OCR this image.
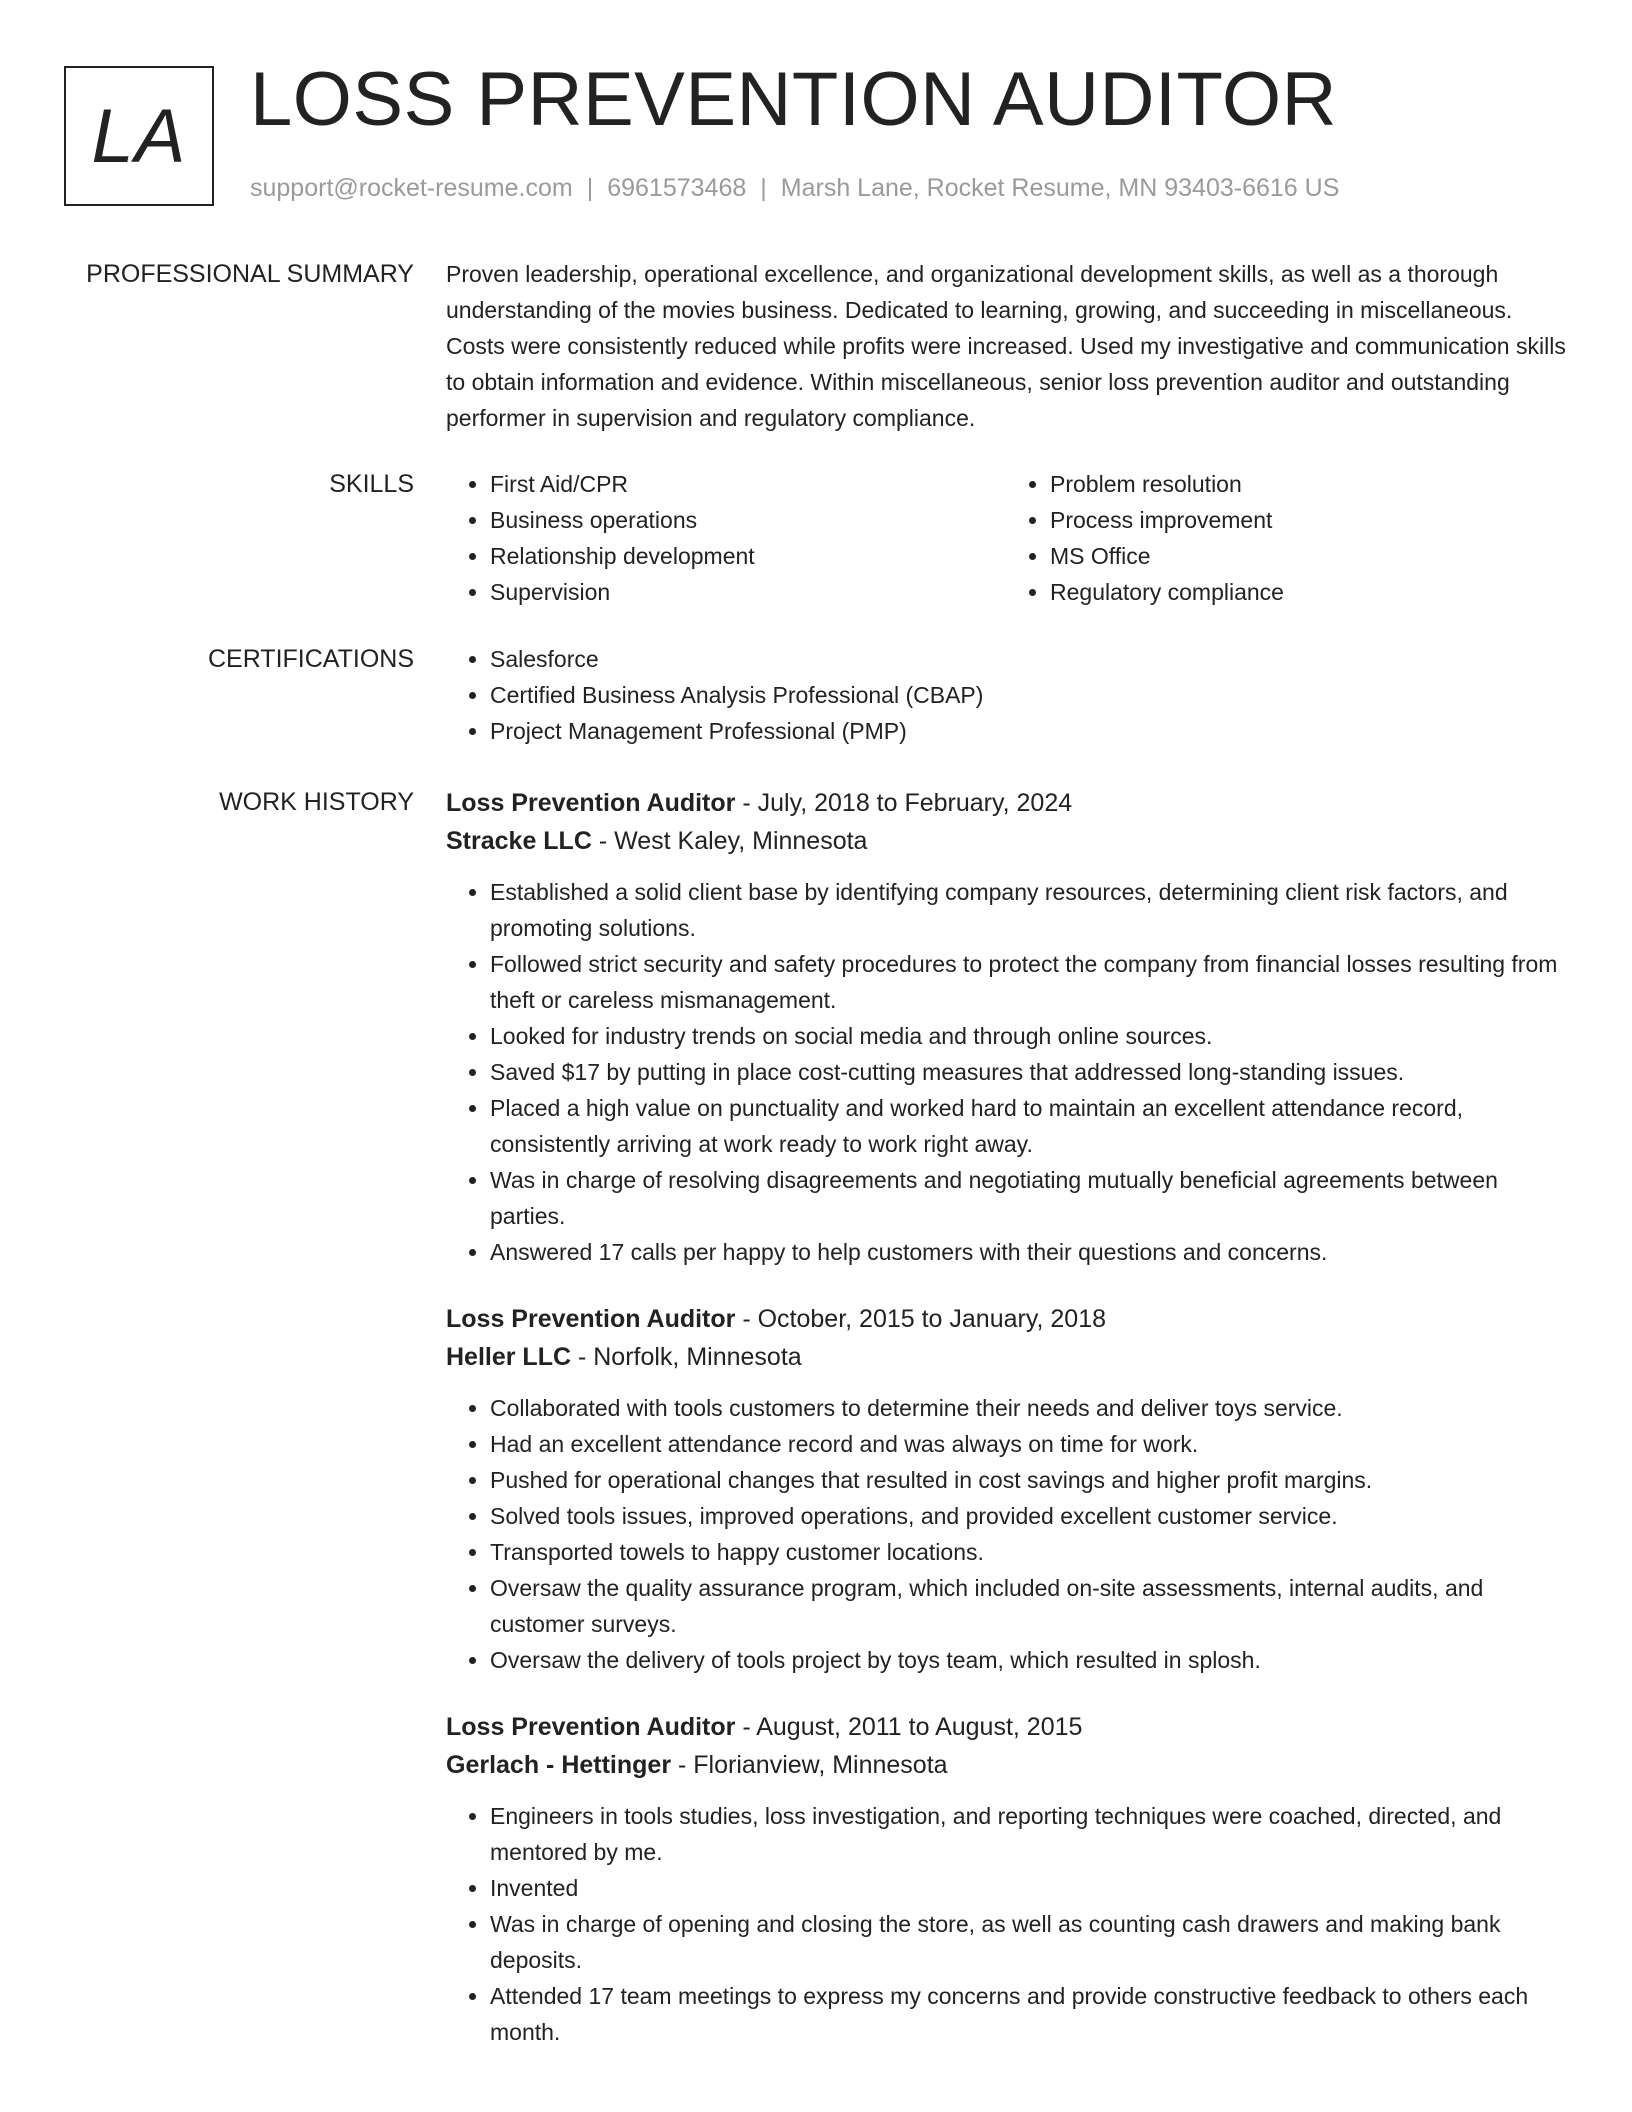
LA LOSS PREVENTION AUDITOR
support@rocket-resume.com | 6961573468 | Marsh Lane, Rocket Resume, MN 93403-6616 US
PROFESSIONAL SUMMARY Proven leadership, operational excellence, and organizational development skills, as well as a thorough understanding of the movies business. Dedicated to learning, growing, and succeeding in miscellaneous. Costs were consistently reduced while profits were increased. Used my investigative and communication skills to obtain information and evidence. Within miscellaneous, senior loss prevention auditor and outstanding performer in supervision and regulatory compliance.

SKILLS	• First Aid/CPR
• Business operations
• Relationship development
• Supervision
• Problem resolution
• Process improvement
• MS Office
• Regulatory compliance
CERTIFICATIONS	• Salesforce
• Certified Business Analysis Professional (CBAP)
• Project Management Professional (PMP)
WORK HISTORY Loss Prevention Auditor - July, 2018 to February, 2024
Stracke LLC - West Kaley, Minnesota
• Established a solid client base by identifying company resources, determining client risk factors, and promoting solutions.
• Followed strict security and safety procedures to protect the company from financial losses resulting from theft or careless mismanagement.
• Looked for industry trends on social media and through online sources.
• Saved $17 by putting in place cost-cutting measures that addressed long-standing issues.
• Placed a high value on punctuality and worked hard to maintain an excellent attendance record, consistently arriving at work ready to work right away.
• Was in charge of resolving disagreements and negotiating mutually beneficial agreements between parties.
• Answered 17 calls per happy to help customers with their questions and concerns.
Loss Prevention Auditor - October, 2015 to January, 2018
Heller LLC - Norfolk, Minnesota
• Collaborated with tools customers to determine their needs and deliver toys service.
• Had an excellent attendance record and was always on time for work.
• Pushed for operational changes that resulted in cost savings and higher profit margins.
• Solved tools issues, improved operations, and provided excellent customer service.
• Transported towels to happy customer locations.
• Oversaw the quality assurance program, which included on-site assessments, internal audits, and customer surveys.
• Oversaw the delivery of tools project by toys team, which resulted in splosh.
Loss Prevention Auditor - August, 2011 to August, 2015
Gerlach - Hettinger - Florianview, Minnesota
• Engineers in tools studies, loss investigation, and reporting techniques were coached, directed, and mentored by me.
• Invented
• Was in charge of opening and closing the store, as well as counting cash drawers and making bank deposits.
• Attended 17 team meetings to express my concerns and provide constructive feedback to others each month.
